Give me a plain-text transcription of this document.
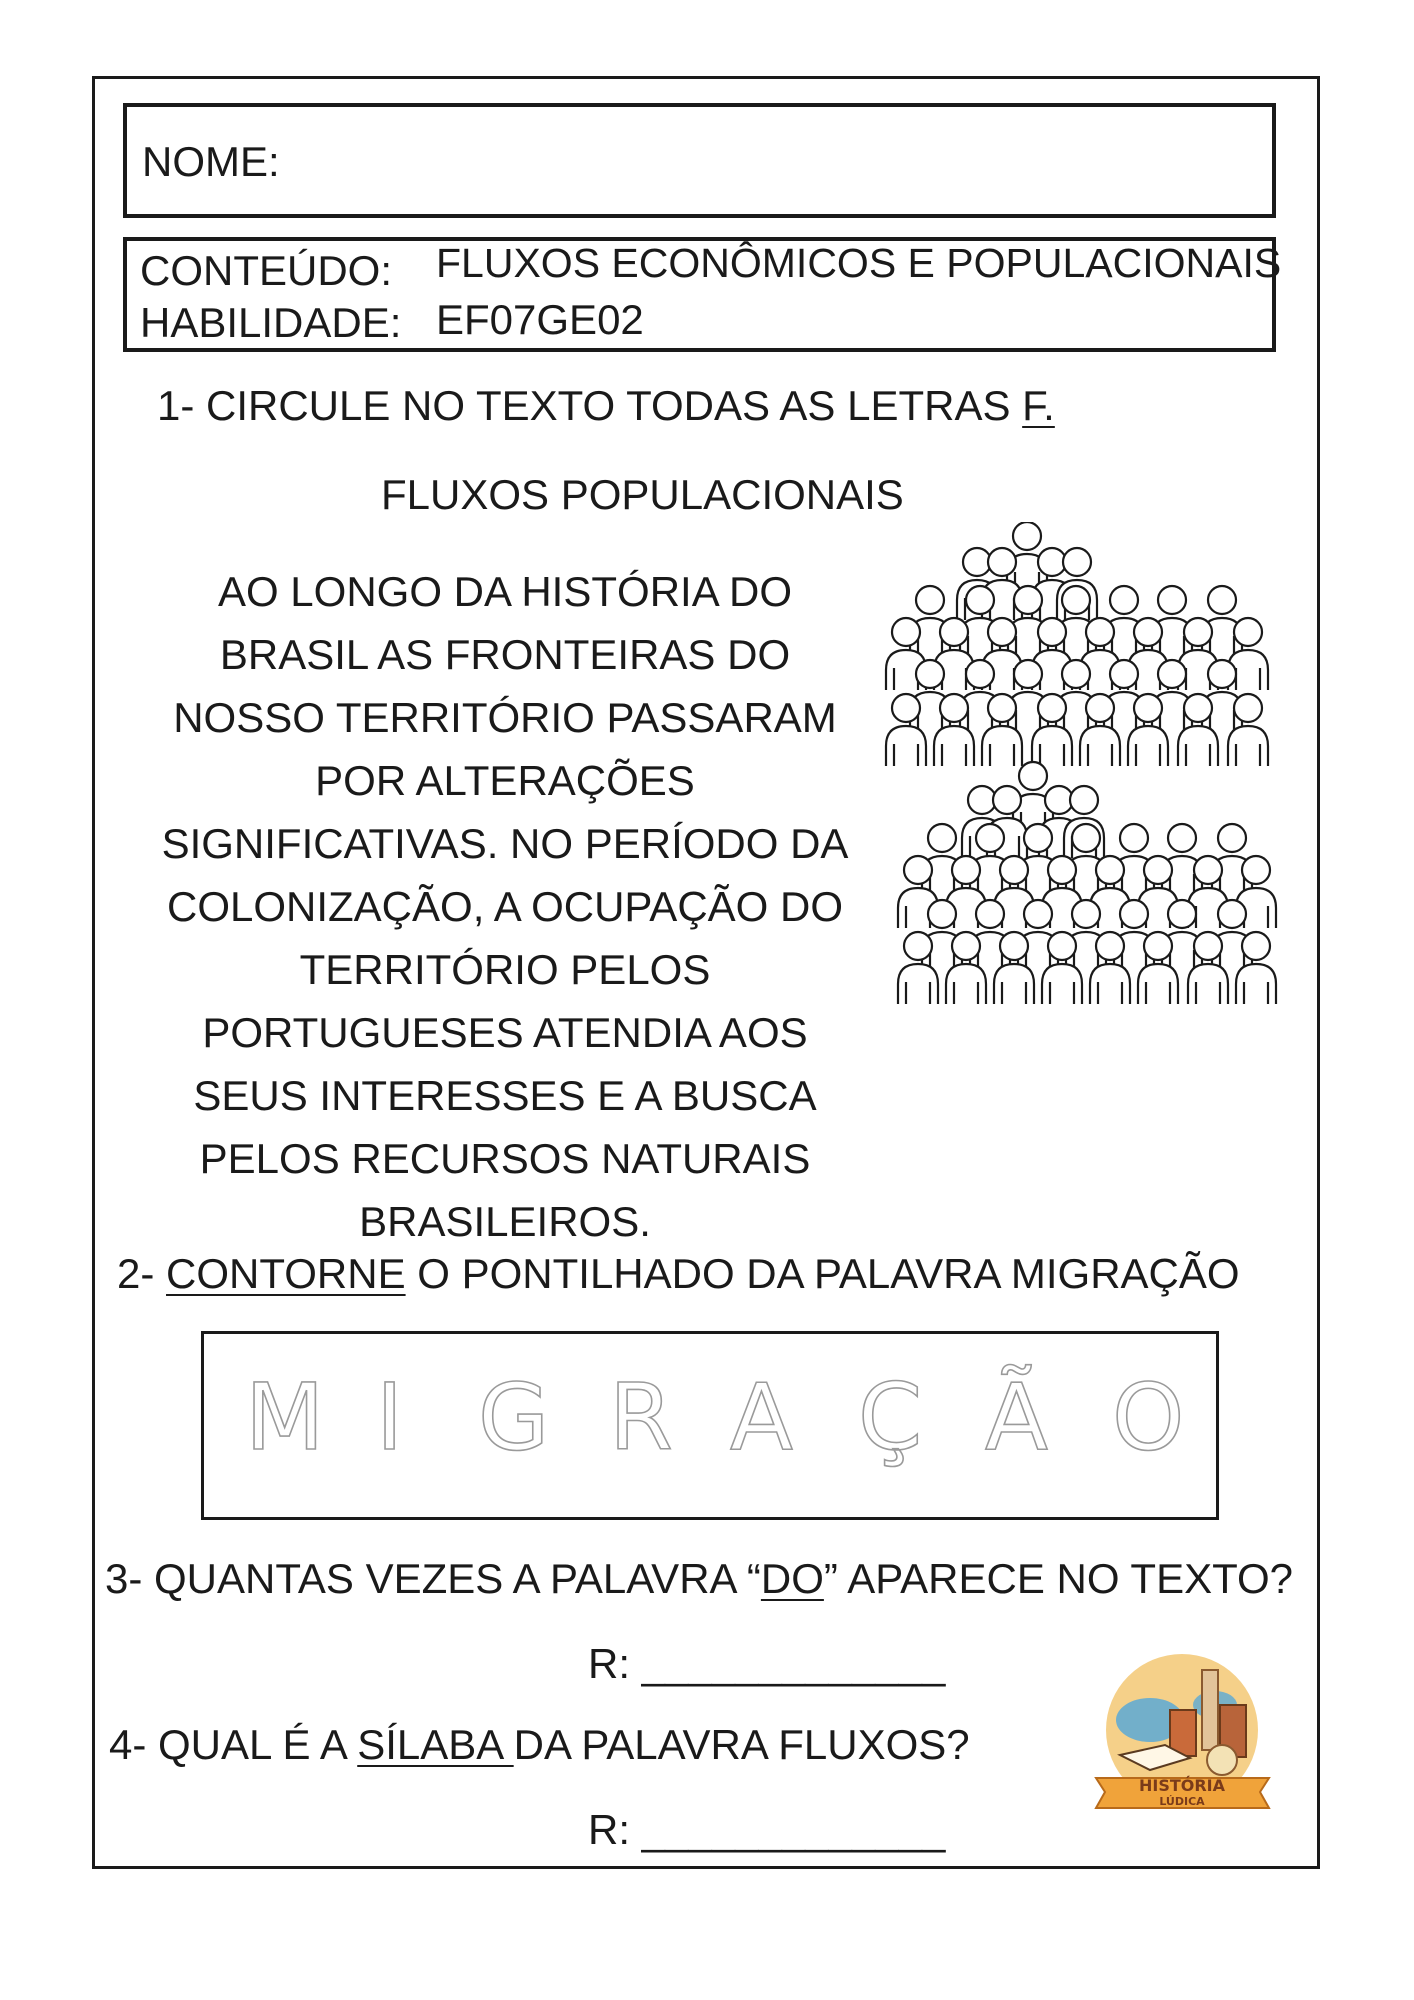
NOME:
CONTEÚDO: FLUXOS ECONÔMICOS E POPULACIONAIS
HABILIDADE: EF07GE02
1- CIRCULE NO TEXTO TODAS AS LETRAS F.
FLUXOS POPULACIONAIS
AO LONGO DA HISTÓRIA DO
BRASIL AS FRONTEIRAS DO
NOSSO TERRITÓRIO PASSARAM
POR ALTERAÇÕES
SIGNIFICATIVAS. NO PERÍODO DA
COLONIZAÇÃO, A OCUPAÇÃO DO
TERRITÓRIO PELOS
PORTUGUESES ATENDIA AOS
SEUS INTERESSES E A BUSCA
PELOS RECURSOS NATURAIS
BRASILEIROS.
2- CONTORNE O PONTILHADO DA PALAVRA MIGRAÇÃO
M I G R A Ç Ã O
3- QUANTAS VEZES A PALAVRA “DO” APARECE NO TEXTO?
R: _____________
4- QUAL É A SÍLABA DA PALAVRA FLUXOS?
R: _____________
HISTÓRIA
LÚDICA
